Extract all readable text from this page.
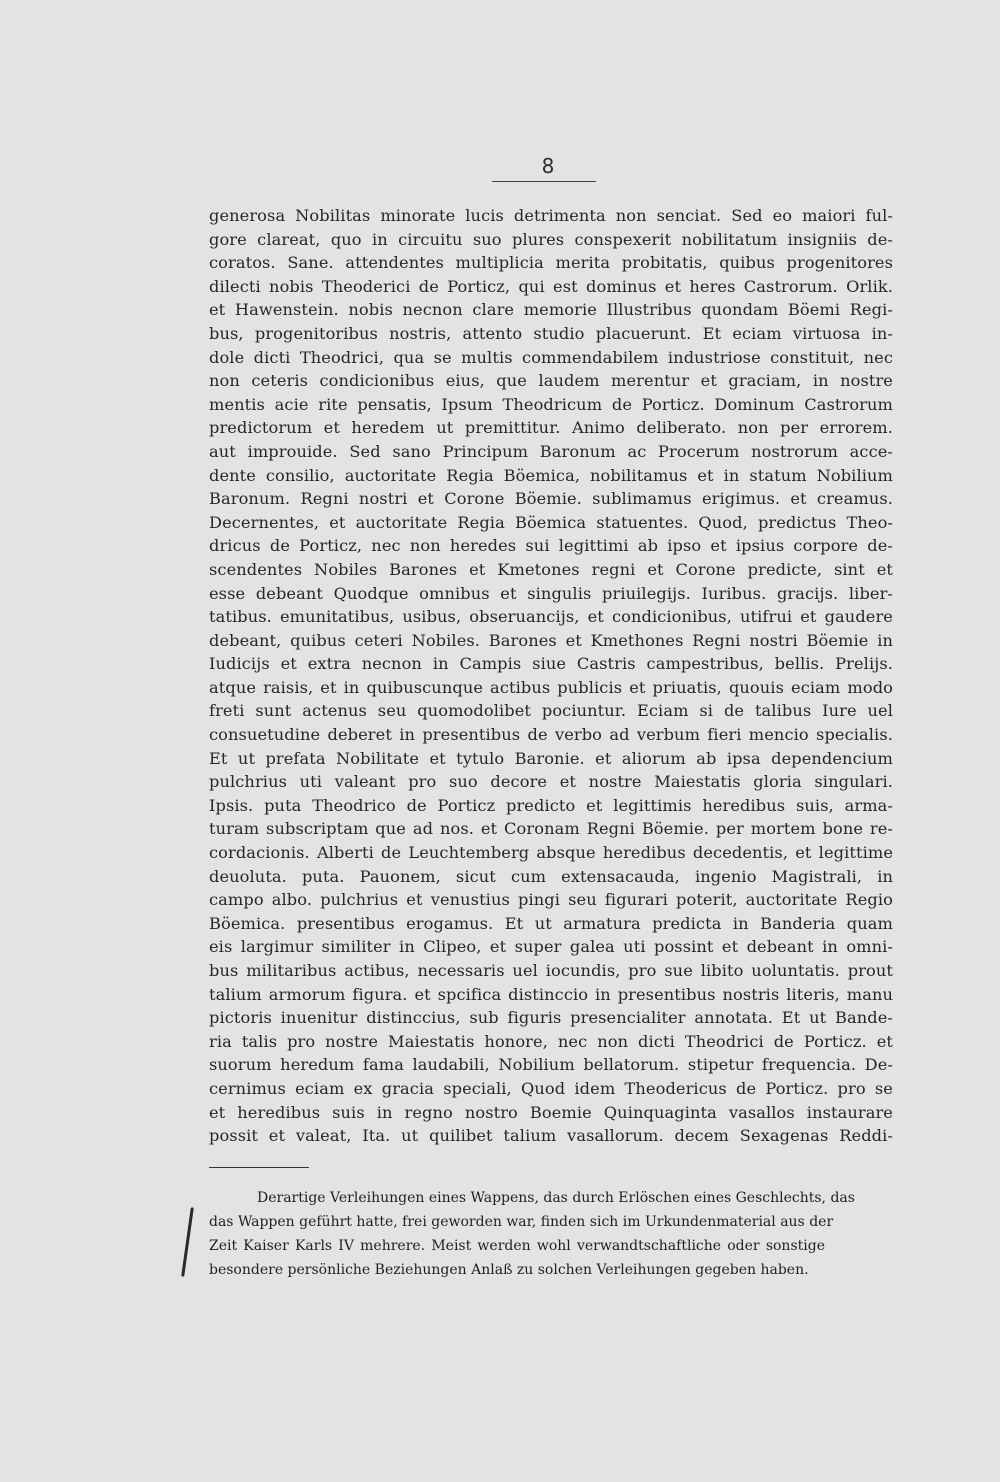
8
generosa Nobilitas minorate lucis detrimenta non senciat. Sed eo maiori ful-
gore clareat, quo in circuitu suo plures conspexerit nobilitatum insigniis de-
coratos. Sane. attendentes multiplicia merita probitatis, quibus progenitores
dilecti nobis Theoderici de Porticz, qui est dominus et heres Castrorum. Orlik.
et Hawenstein. nobis necnon clare memorie Illustribus quondam Böemi Regi-
bus, progenitoribus nostris, attento studio placuerunt. Et eciam virtuosa in-
dole dicti Theodrici, qua se multis commendabilem industriose constituit, nec
non ceteris condicionibus eius, que laudem merentur et graciam, in nostre
mentis acie rite pensatis, Ipsum Theodricum de Porticz. Dominum Castrorum
predictorum et heredem ut premittitur. Animo deliberato. non per errorem.
aut improuide. Sed sano Principum Baronum ac Procerum nostrorum acce-
dente consilio, auctoritate Regia Böemica, nobilitamus et in statum Nobilium
Baronum. Regni nostri et Corone Böemie. sublimamus erigimus. et creamus.
Decernentes, et auctoritate Regia Böemica statuentes. Quod, predictus Theo-
dricus de Porticz, nec non heredes sui legittimi ab ipso et ipsius corpore de-
scendentes Nobiles Barones et Kmetones regni et Corone predicte, sint et
esse debeant Quodque omnibus et singulis priuilegijs. Iuribus. gracijs. liber-
tatibus. emunitatibus, usibus, obseruancijs, et condicionibus, utifrui et gaudere
debeant, quibus ceteri Nobiles. Barones et Kmethones Regni nostri Böemie in
Iudicijs et extra necnon in Campis siue Castris campestribus, bellis. Prelijs.
atque raisis, et in quibuscunque actibus publicis et priuatis, quouis eciam modo
freti sunt actenus seu quomodolibet pociuntur. Eciam si de talibus Iure uel
consuetudine deberet in presentibus de verbo ad verbum fieri mencio specialis.
Et ut prefata Nobilitate et tytulo Baronie. et aliorum ab ipsa dependencium
pulchrius uti valeant pro suo decore et nostre Maiestatis gloria singulari.
Ipsis. puta Theodrico de Porticz predicto et legittimis heredibus suis, arma-
turam subscriptam que ad nos. et Coronam Regni Böemie. per mortem bone re-
cordacionis. Alberti de Leuchtemberg absque heredibus decedentis, et legittime
deuoluta. puta. Pauonem, sicut cum extensacauda, ingenio Magistrali, in
campo albo. pulchrius et venustius pingi seu figurari poterit, auctoritate Regio
Böemica. presentibus erogamus. Et ut armatura predicta in Banderia quam
eis largimur similiter in Clipeo, et super galea uti possint et debeant in omni-
bus militaribus actibus, necessaris uel iocundis, pro sue libito uoluntatis. prout
talium armorum figura. et spcifica distinccio in presentibus nostris literis, manu
pictoris inuenitur distinccius, sub figuris presencialiter annotata. Et ut Bande-
ria talis pro nostre Maiestatis honore, nec non dicti Theodrici de Porticz. et
suorum heredum fama laudabili, Nobilium bellatorum. stipetur frequencia. De-
cernimus eciam ex gracia speciali, Quod idem Theodericus de Porticz. pro se
et heredibus suis in regno nostro Boemie Quinquaginta vasallos instaurare
possit et valeat, Ita. ut quilibet talium vasallorum. decem Sexagenas Reddi-
Derartige Verleihungen eines Wappens, das durch Erlöschen eines Geschlechts, das
das Wappen geführt hatte, frei geworden war, finden sich im Urkundenmaterial aus der
Zeit Kaiser Karls IV mehrere. Meist werden wohl verwandtschaftliche oder sonstige
besondere persönliche Beziehungen Anlaß zu solchen Verleihungen gegeben haben.
